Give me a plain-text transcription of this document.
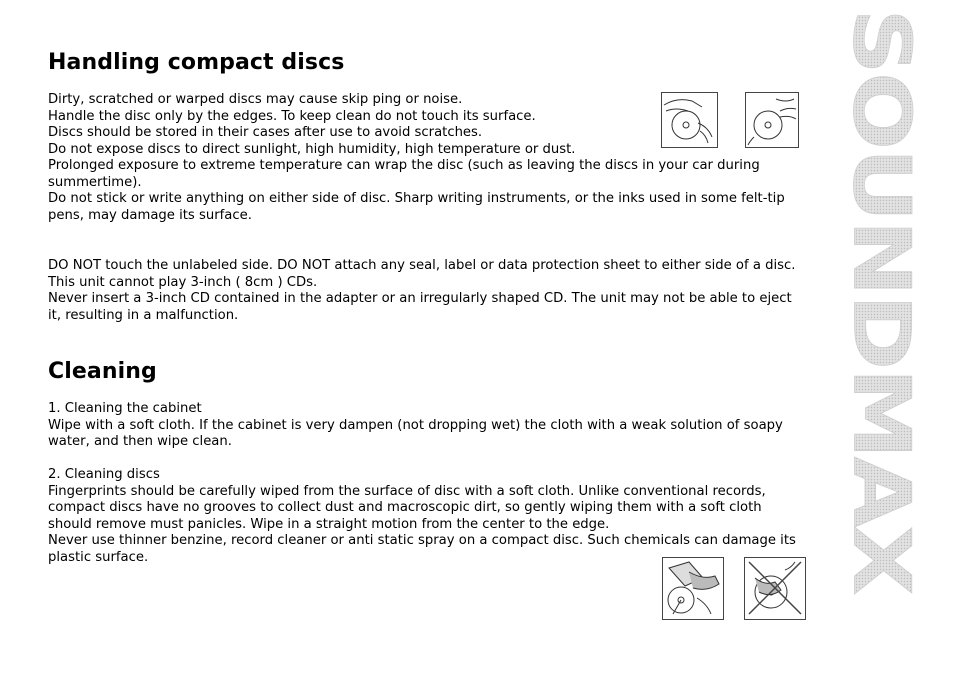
Handling compact discs

Dirty, scratched or warped discs may cause skip ping or noise.

Handle the disc only by the edges. To keep clean do not touch its surface.

Discs should be stored in their cases after use to avoid scratches.

Do not expose discs to direct sunlight, high humidity, high temperature or dust.

Prolonged exposure to extreme temperature can wrap the disc (such as leaving the discs in your car during summertime).

Do not stick or write anything on either side of disc. Sharp writing instruments, or the inks used in some felt-tip pens, may damage its surface.

DO NOT touch the unlabeled side. DO NOT attach any seal, label or data protection sheet to either side of a disc.

This unit cannot play 3-inch ( 8cm ) CDs.

Never insert a 3-inch CD contained in the adapter or an irregularly shaped CD. The unit may not be able to eject it, resulting in a malfunction.

Cleaning

1. Cleaning the cabinet

Wipe with a soft cloth. If the cabinet is very dampen (not dropping wet) the cloth with a weak solution of soapy water, and then wipe clean.

2. Cleaning discs

Fingerprints should be carefully wiped from the surface of disc with a soft cloth. Unlike conventional records, compact discs have no grooves to collect dust and macroscopic dirt, so gently wiping them with a soft cloth should remove must panicles. Wipe in a straight motion from the center to the edge.

Never use thinner benzine, record cleaner or anti static spray on a compact disc. Such chemicals can damage its plastic surface.

SOUNDMAX
